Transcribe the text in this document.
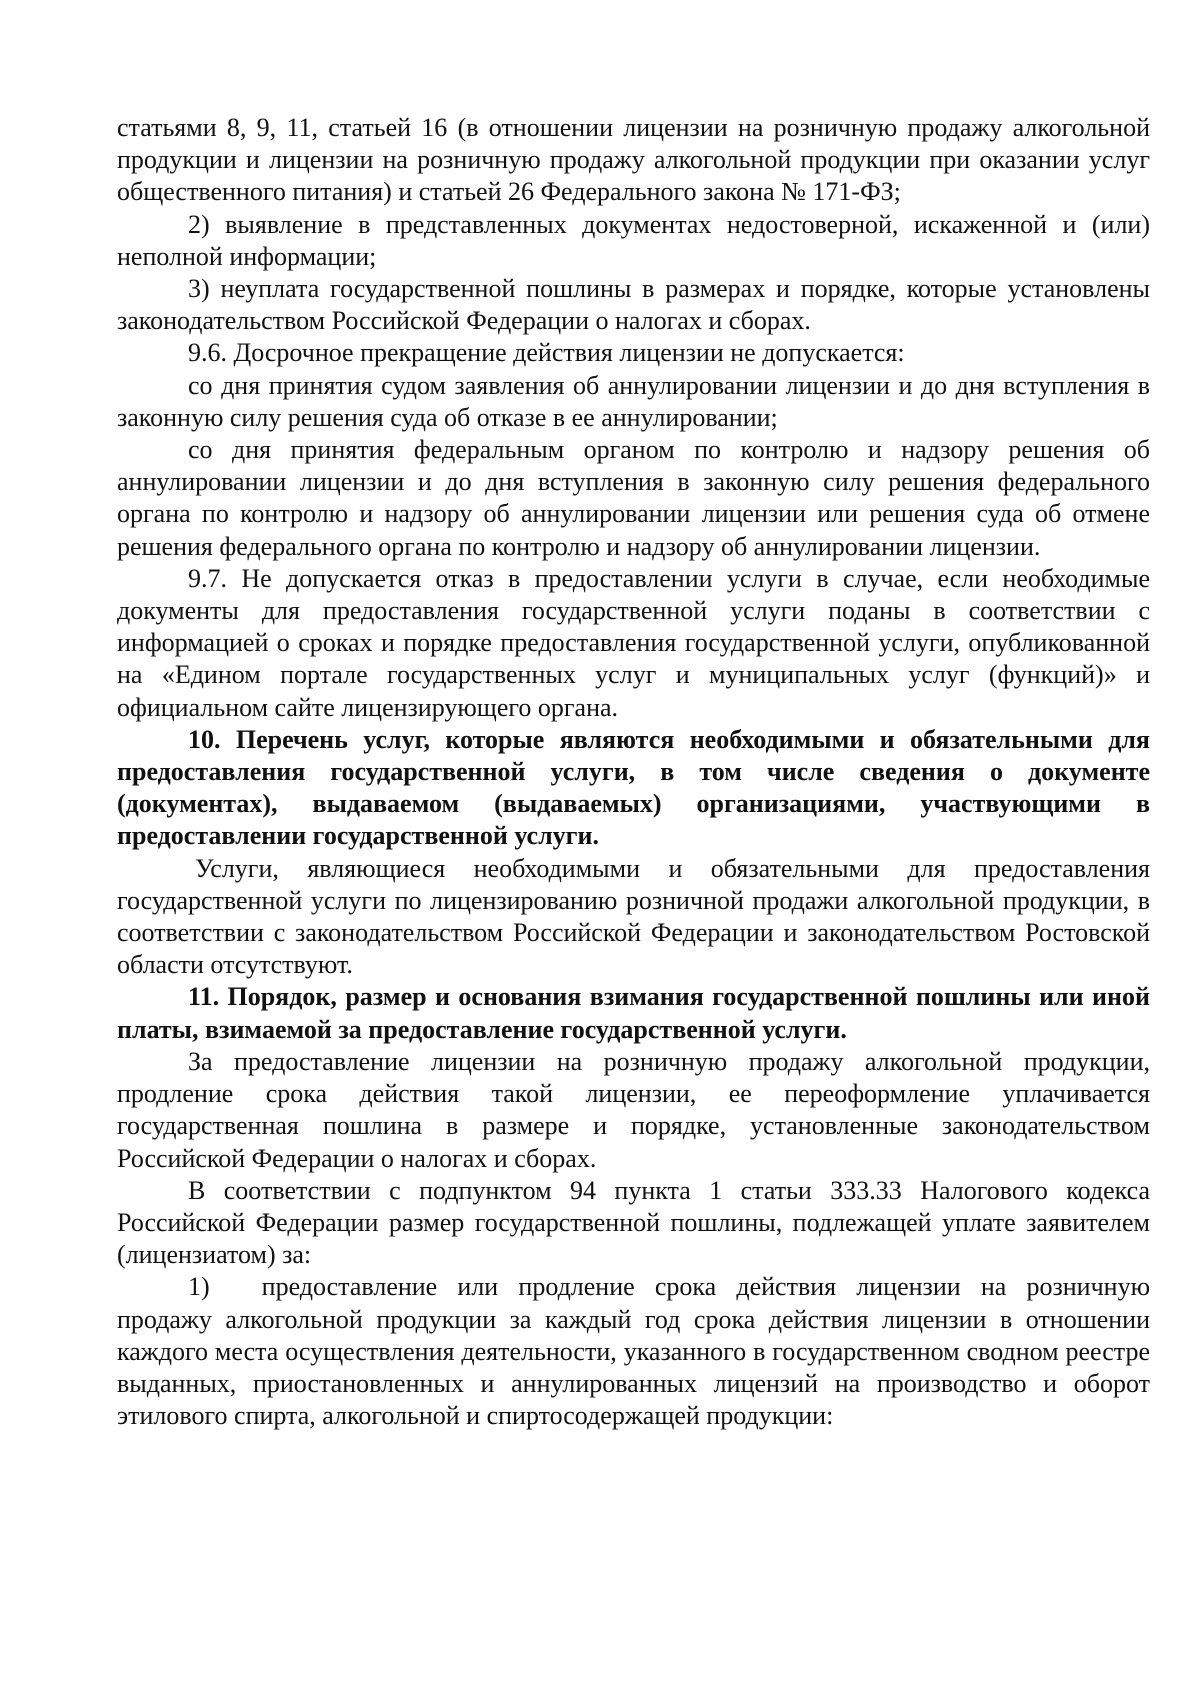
статьями 8, 9, 11, статьей 16 (в отношении лицензии на розничную продажу алкогольной продукции и лицензии на розничную продажу алкогольной продукции при оказании услуг общественного питания) и статьей 26 Федерального закона № 171-ФЗ;

2) выявление в представленных документах недостоверной, искаженной и (или) неполной информации;

3) неуплата государственной пошлины в размерах и порядке, которые установлены законодательством Российской Федерации о налогах и сборах.

9.6. Досрочное прекращение действия лицензии не допускается:

со дня принятия судом заявления об аннулировании лицензии и до дня вступления в законную силу решения суда об отказе в ее аннулировании;

со дня принятия федеральным органом по контролю и надзору решения об аннулировании лицензии и до дня вступления в законную силу решения федерального органа по контролю и надзору об аннулировании лицензии или решения суда об отмене решения федерального органа по контролю и надзору об аннулировании лицензии.

9.7. Не допускается отказ в предоставлении услуги в случае, если необходимые документы для предоставления государственной услуги поданы в соответствии с информацией о сроках и порядке предоставления государственной услуги, опубликованной на «Едином портале государственных услуг и муниципальных услуг (функций)» и официальном сайте лицензирующего органа.

10. Перечень услуг, которые являются необходимыми и обязательными для предоставления государственной услуги, в том числе сведения о документе (документах), выдаваемом (выдаваемых) организациями, участвующими в предоставлении государственной услуги.

Услуги, являющиеся необходимыми и обязательными для предоставления государственной услуги по лицензированию розничной продажи алкогольной продукции, в соответствии с законодательством Российской Федерации и законодательством Ростовской области отсутствуют.

11. Порядок, размер и основания взимания государственной пошлины или иной платы, взимаемой за предоставление государственной услуги.

За предоставление лицензии на розничную продажу алкогольной продукции, продление срока действия такой лицензии, ее переоформление уплачивается государственная пошлина в размере и порядке, установленные законодательством Российской Федерации о налогах и сборах.

В соответствии с подпунктом 94 пункта 1 статьи 333.33 Налогового кодекса Российской Федерации размер государственной пошлины, подлежащей уплате заявителем (лицензиатом) за:

1)  предоставление или продление срока действия лицензии на розничную продажу алкогольной продукции за каждый год срока действия лицензии в отношении каждого места осуществления деятельности, указанного в государственном сводном реестре выданных, приостановленных и аннулированных лицензий на производство и оборот этилового спирта, алкогольной и спиртосодержащей продукции:
